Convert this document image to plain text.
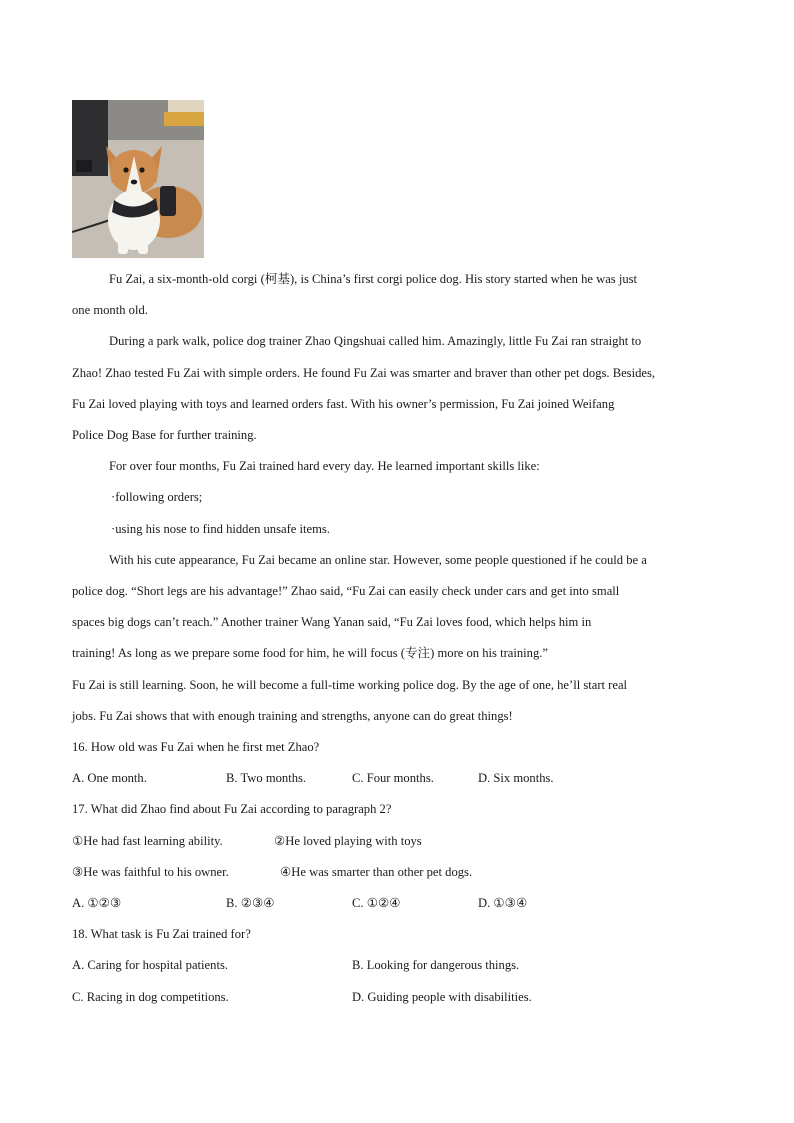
Fu Zai, a six-month-old corgi (柯基), is China’s first corgi police dog. His story started when he was just
one month old.
During a park walk, police dog trainer Zhao Qingshuai called him. Amazingly, little Fu Zai ran straight to
Zhao! Zhao tested Fu Zai with simple orders. He found Fu Zai was smarter and braver than other pet dogs. Besides,
Fu Zai loved playing with toys and learned orders fast. With his owner’s permission, Fu Zai joined Weifang
Police Dog Base for further training.
For over four months, Fu Zai trained hard every day. He learned important skills like:
·following orders;
·using his nose to find hidden unsafe items.
With his cute appearance, Fu Zai became an online star. However, some people questioned if he could be a
police dog. “Short legs are his advantage!” Zhao said, “Fu Zai can easily check under cars and get into small
spaces big dogs can’t reach.” Another trainer Wang Yanan said, “Fu Zai loves food, which helps him in
training! As long as we prepare some food for him, he will focus (专注) more on his training.”
Fu Zai is still learning. Soon, he will become a full-time working police dog. By the age of one, he’ll start real
jobs. Fu Zai shows that with enough training and strengths, anyone can do great things!
16. How old was Fu Zai when he first met Zhao?
A. One month.	B. Two months.	C. Four months.	D. Six months.
17. What did Zhao find about Fu Zai according to paragraph 2?
①He had fast learning ability.	②He loved playing with toys
③He was faithful to his owner.	④He was smarter than other pet dogs.
A. ①②③	B. ②③④	C. ①②④	D. ①③④
18. What task is Fu Zai trained for?
A. Caring for hospital patients.	B. Looking for dangerous things.
C. Racing in dog competitions.	D. Guiding people with disabilities.
